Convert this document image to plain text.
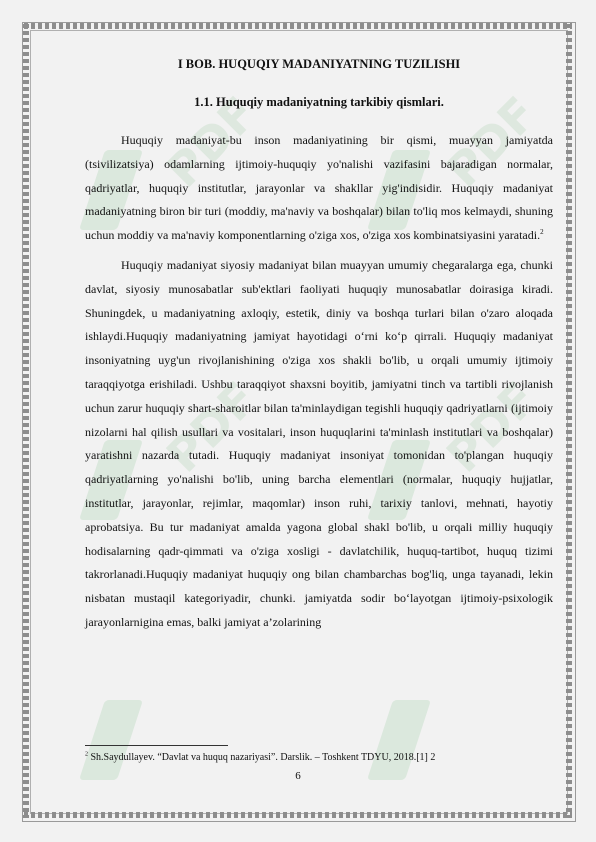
PDF	PDF
PDF	PDF
I BOB. HUQUQIY MADANIYATNING TUZILISHI
1.1. Huquqiy madaniyatning tarkibiy qismlari.

Huquqiy madaniyat-bu inson madaniyatining bir qismi, muayyan jamiyatda (tsivilizatsiya) odamlarning ijtimoiy-huquqiy yo'nalishi vazifasini bajaradigan normalar, qadriyatlar, huquqiy institutlar, jarayonlar va shakllar yig'indisidir. Huquqiy madaniyat madaniyatning biron bir turi (moddiy, ma'naviy va boshqalar) bilan to'liq mos kelmaydi, shuning uchun moddiy va ma'naviy komponentlarning o'ziga xos, o'ziga xos kombinatsiyasini yaratadi.$^2$

Huquqiy madaniyat siyosiy madaniyat bilan muayyan umumiy chegaralarga ega, chunki davlat, siyosiy munosabatlar sub'ektlari faoliyati huquqiy munosabatlar doirasiga kiradi. Shuningdek, u madaniyatning axloqiy, estetik, diniy va boshqa turlari bilan o'zaro aloqada ishlaydi.Huquqiy madaniyatning jamiyat hayotidagi o‘rni ko‘p qirrali. Huquqiy madaniyat insoniyatning uyg'un rivojlanishining o'ziga xos shakli bo'lib, u orqali umumiy ijtimoiy taraqqiyotga erishiladi. Ushbu taraqqiyot shaxsni boyitib, jamiyatni tinch va tartibli rivojlanish uchun zarur huquqiy shart-sharoitlar bilan ta'minlaydigan tegishli huquqiy qadriyatlarni (ijtimoiy nizolarni hal qilish usullari va vositalari, inson huquqlarini ta'minlash institutlari va boshqalar) yaratishni nazarda tutadi. Huquqiy madaniyat insoniyat tomonidan to'plangan huquqiy qadriyatlarning yo'nalishi bo'lib, uning barcha elementlari (normalar, huquqiy hujjatlar, institutlar, jarayonlar, rejimlar, maqomlar) inson ruhi, tarixiy tanlovi, mehnati, hayotiy aprobatsiya. Bu tur madaniyat amalda yagona global shakl bo'lib, u orqali milliy huquqiy hodisalarning qadr-qimmati va o'ziga xosligi - davlatchilik, huquq-tartibot, huquq tizimi takrorlanadi.Huquqiy madaniyat huquqiy ong bilan chambarchas bog'liq, unga tayanadi, lekin nisbatan mustaqil kategoriyadir, chunki. jamiyatda sodir bo‘layotgan ijtimoiy-psixologik jarayonlarnigina emas, balki jamiyat a’zolarining

$^2$ Sh.Saydullayev. “Davlat va huquq nazariyasi”. Darslik. – Toshkent TDYU, 2018.[1] 2

6
